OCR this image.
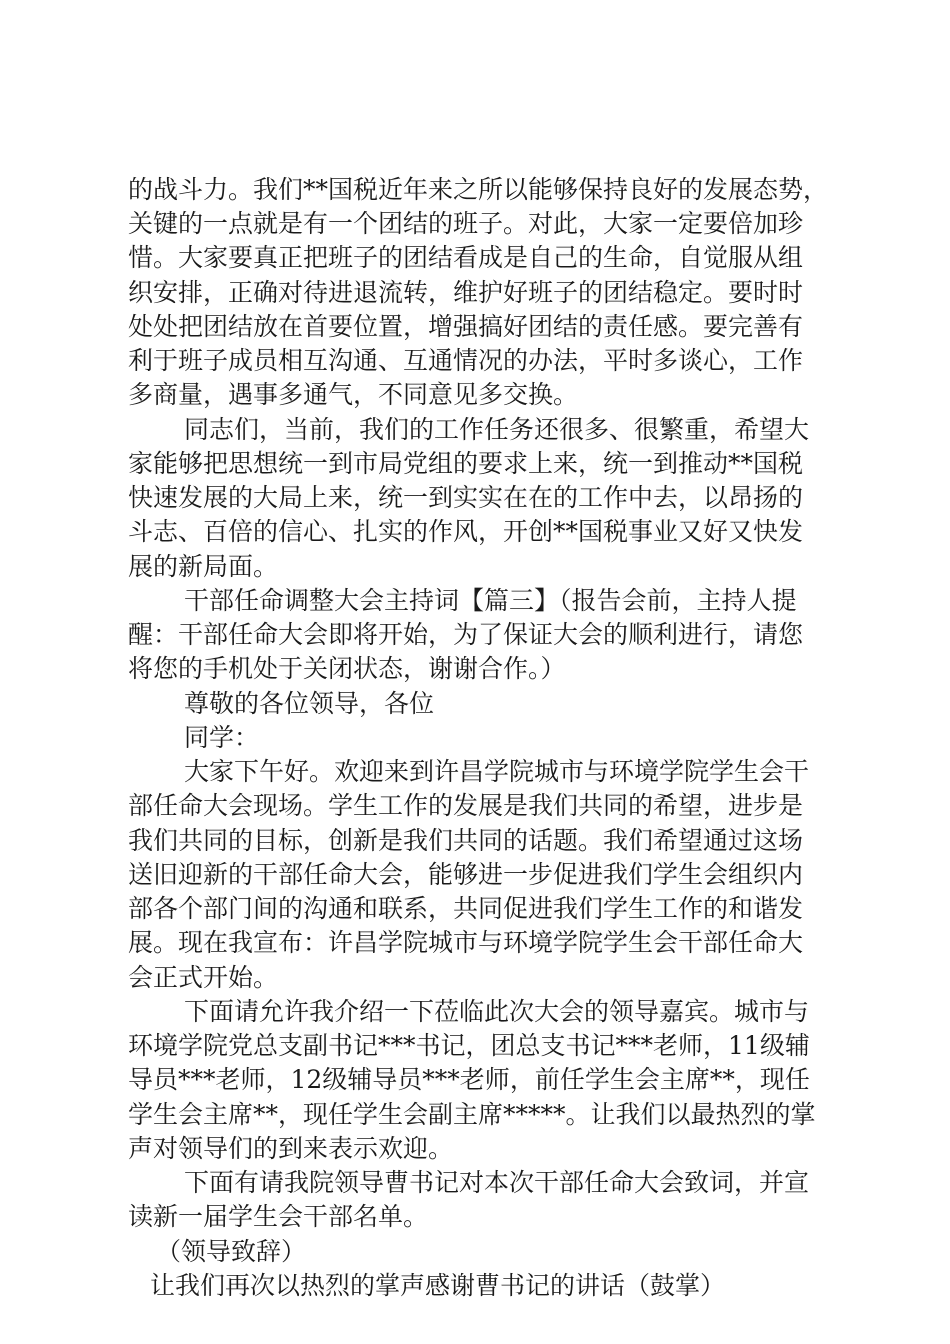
的战斗力。我们**国税近年来之所以能够保持良好的发展态势，
关键的一点就是有一个团结的班子。对此，大家一定要倍加珍
惜。大家要真正把班子的团结看成是自己的生命，自觉服从组
织安排，正确对待进退流转，维护好班子的团结稳定。要时时
处处把团结放在首要位置，增强搞好团结的责任感。要完善有
利于班子成员相互沟通、互通情况的办法，平时多谈心，工作
多商量，遇事多通气，不同意见多交换。
同志们，当前，我们的工作任务还很多、很繁重，希望大
家能够把思想统一到市局党组的要求上来，统一到推动**国税
快速发展的大局上来，统一到实实在在的工作中去，以昂扬的
斗志、百倍的信心、扎实的作风，开创**国税事业又好又快发
展的新局面。
干部任命调整大会主持词【篇三】（报告会前，主持人提
醒：干部任命大会即将开始，为了保证大会的顺利进行，请您
将您的手机处于关闭状态，谢谢合作。）
尊敬的各位领导，各位
同学：
大家下午好。欢迎来到许昌学院城市与环境学院学生会干
部任命大会现场。学生工作的发展是我们共同的希望，进步是
我们共同的目标，创新是我们共同的话题。我们希望通过这场
送旧迎新的干部任命大会，能够进一步促进我们学生会组织内
部各个部门间的沟通和联系，共同促进我们学生工作的和谐发
展。现在我宣布：许昌学院城市与环境学院学生会干部任命大
会正式开始。
下面请允许我介绍一下莅临此次大会的领导嘉宾。城市与
环境学院党总支副书记***书记，团总支书记***老师，11级辅
导员***老师，12级辅导员***老师，前任学生会主席**，现任
学生会主席**，现任学生会副主席*****。让我们以最热烈的掌
声对领导们的到来表示欢迎。
下面有请我院领导曹书记对本次干部任命大会致词，并宣
读新一届学生会干部名单。
（领导致辞）
让我们再次以热烈的掌声感谢曹书记的讲话（鼓掌）
